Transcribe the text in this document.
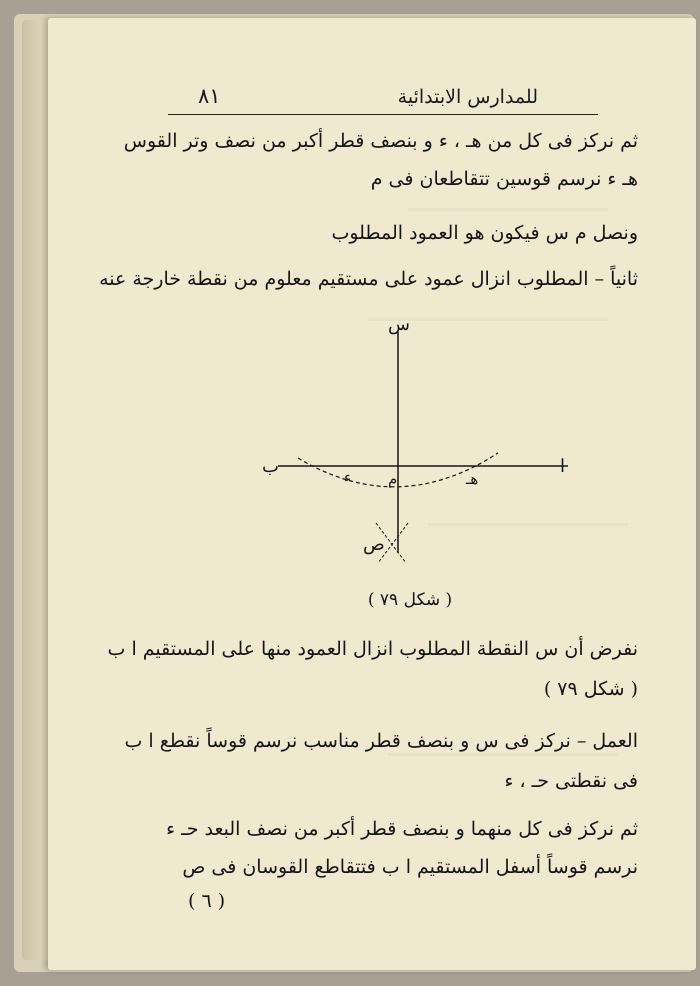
٨١	للمدارس الابتدائية
ثم نركز فى كل من هـ ، ء و بنصف قطر أكبر من نصف وتر القوس
هـ ء نرسم قوسين تتقاطعان فى م
ونصل م س فيكون هو العمود المطلوب
ثانياً – المطلوب انزال عمود على مستقيم معلوم من نقطة خارجة عنه
س
ب	ا
ء م	هـ
ص
( شكل ٧٩ )
نفرض أن س النقطة المطلوب انزال العمود منها على المستقيم ا ب
( شكل ٧٩ )
العمل – نركز فى س و بنصف قطر مناسب نرسم قوساً نقطع ا ب
فى نقطتى حـ ، ء
ثم نركز فى كل منهما و بنصف قطر أكبر من نصف البعد حـ ء
نرسم قوساً أسفل المستقيم ا ب فتتقاطع القوسان فى ص
( ٦ )
